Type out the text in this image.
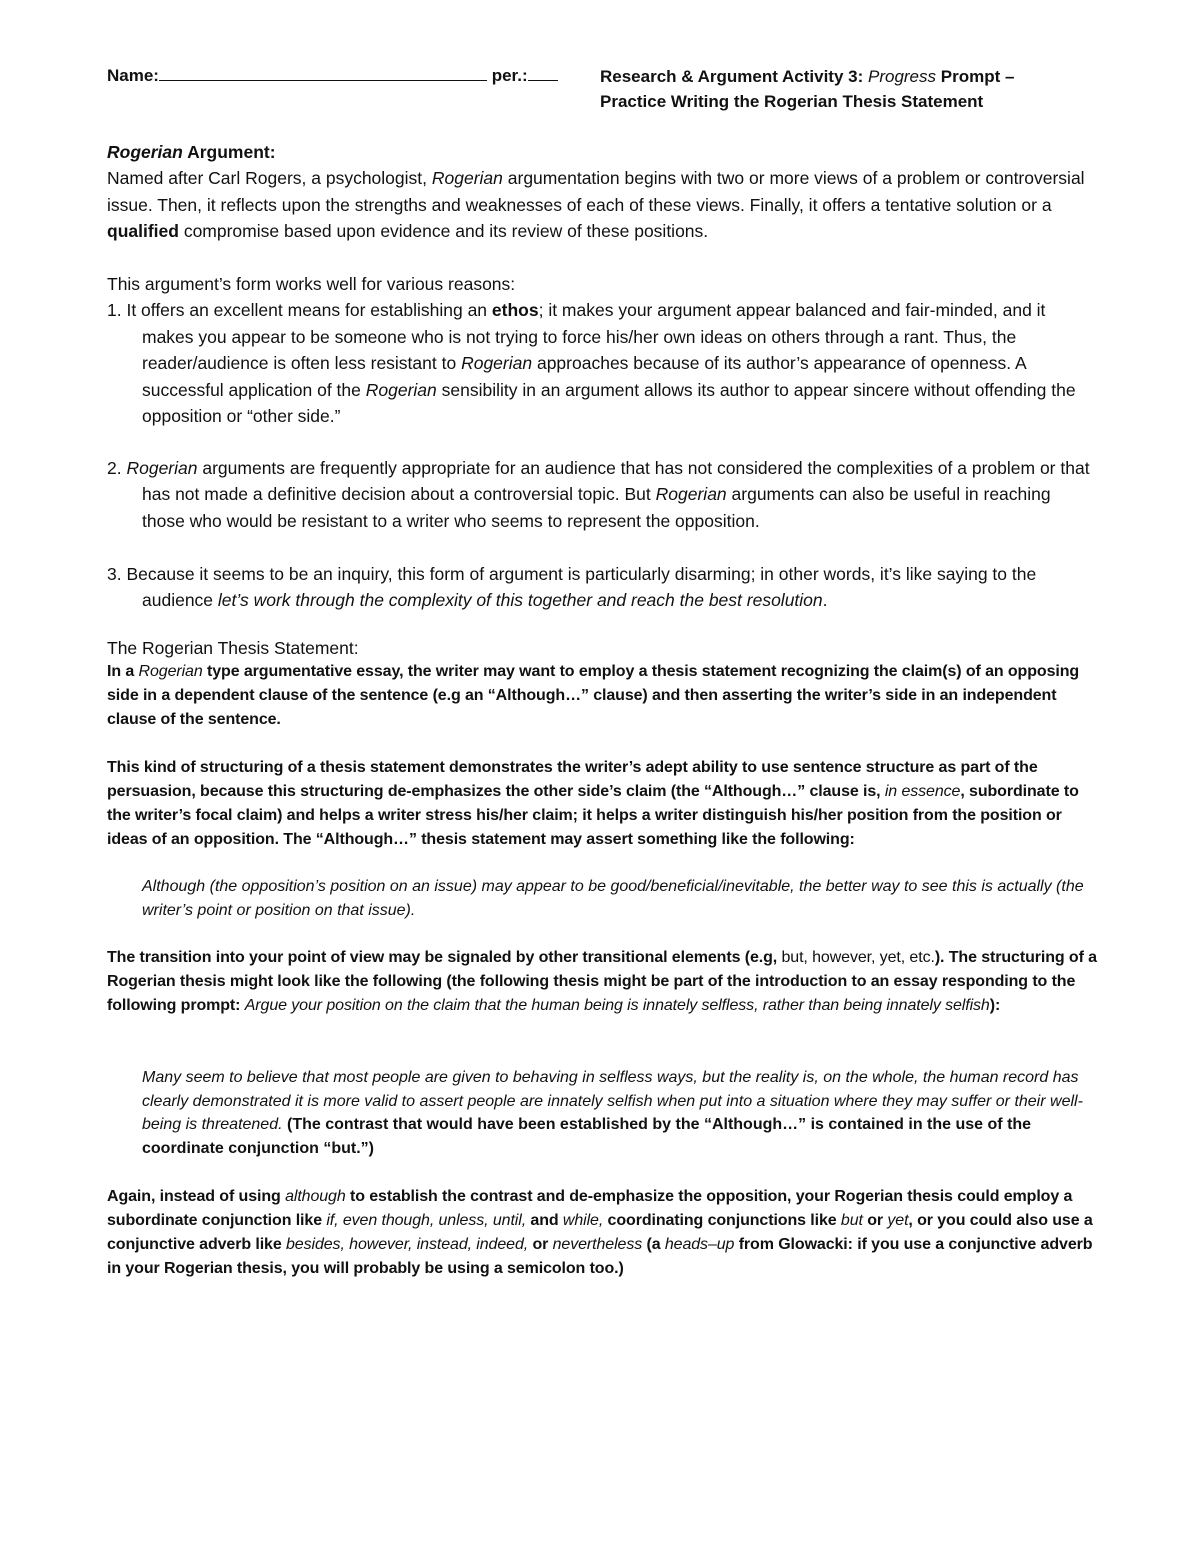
Name:	per.:	Research & Argument Activity 3: Progress Prompt –
Practice Writing the Rogerian Thesis Statement

Rogerian Argument:

Named after Carl Rogers, a psychologist, Rogerian argumentation begins with two or more views of a problem or controversial issue. Then, it reflects upon the strengths and weaknesses of each of these views. Finally, it offers a tentative solution or a qualified compromise based upon evidence and its review of these positions.

This argument’s form works well for various reasons:

1. It offers an excellent means for establishing an ethos; it makes your argument appear balanced and fair-minded, and it makes you appear to be someone who is not trying to force his/her own ideas on others through a rant. Thus, the reader/audience is often less resistant to Rogerian approaches because of its author’s appearance of openness. A successful application of the Rogerian sensibility in an argument allows its author to appear sincere without offending the opposition or “other side.”

2. Rogerian arguments are frequently appropriate for an audience that has not considered the complexities of a problem or that has not made a definitive decision about a controversial topic. But Rogerian arguments can also be useful in reaching those who would be resistant to a writer who seems to represent the opposition.

3. Because it seems to be an inquiry, this form of argument is particularly disarming; in other words, it’s like saying to the audience let’s work through the complexity of this together and reach the best resolution.

The Rogerian Thesis Statement:

In a Rogerian type argumentative essay, the writer may want to employ a thesis statement recognizing the claim(s) of an opposing side in a dependent clause of the sentence (e.g an “Although…” clause) and then asserting the writer’s side in an independent clause of the sentence.

This kind of structuring of a thesis statement demonstrates the writer’s adept ability to use sentence structure as part of the persuasion, because this structuring de-emphasizes the other side’s claim (the “Although…” clause is, in essence, subordinate to the writer’s focal claim) and helps a writer stress his/her claim; it helps a writer distinguish his/her position from the position or ideas of an opposition. The “Although…” thesis statement may assert something like the following:

Although (the opposition’s position on an issue) may appear to be good/beneficial/inevitable, the better way to see this is actually (the writer’s point or position on that issue).

The transition into your point of view may be signaled by other transitional elements (e.g, but, however, yet, etc.). The structuring of a Rogerian thesis might look like the following (the following thesis might be part of the introduction to an essay responding to the following prompt: Argue your position on the claim that the human being is innately selfless, rather than being innately selfish):

Many seem to believe that most people are given to behaving in selfless ways, but the reality is, on the whole, the human record has clearly demonstrated it is more valid to assert people are innately selfish when put into a situation where they may suffer or their well-being is threatened. (The contrast that would have been established by the “Although…” is contained in the use of the coordinate conjunction “but.”)

Again, instead of using although to establish the contrast and de-emphasize the opposition, your Rogerian thesis could employ a subordinate conjunction like if, even though, unless, until, and while, coordinating conjunctions like but or yet, or you could also use a conjunctive adverb like besides, however, instead, indeed, or nevertheless (a heads–up from Glowacki: if you use a conjunctive adverb in your Rogerian thesis, you will probably be using a semicolon too.)
